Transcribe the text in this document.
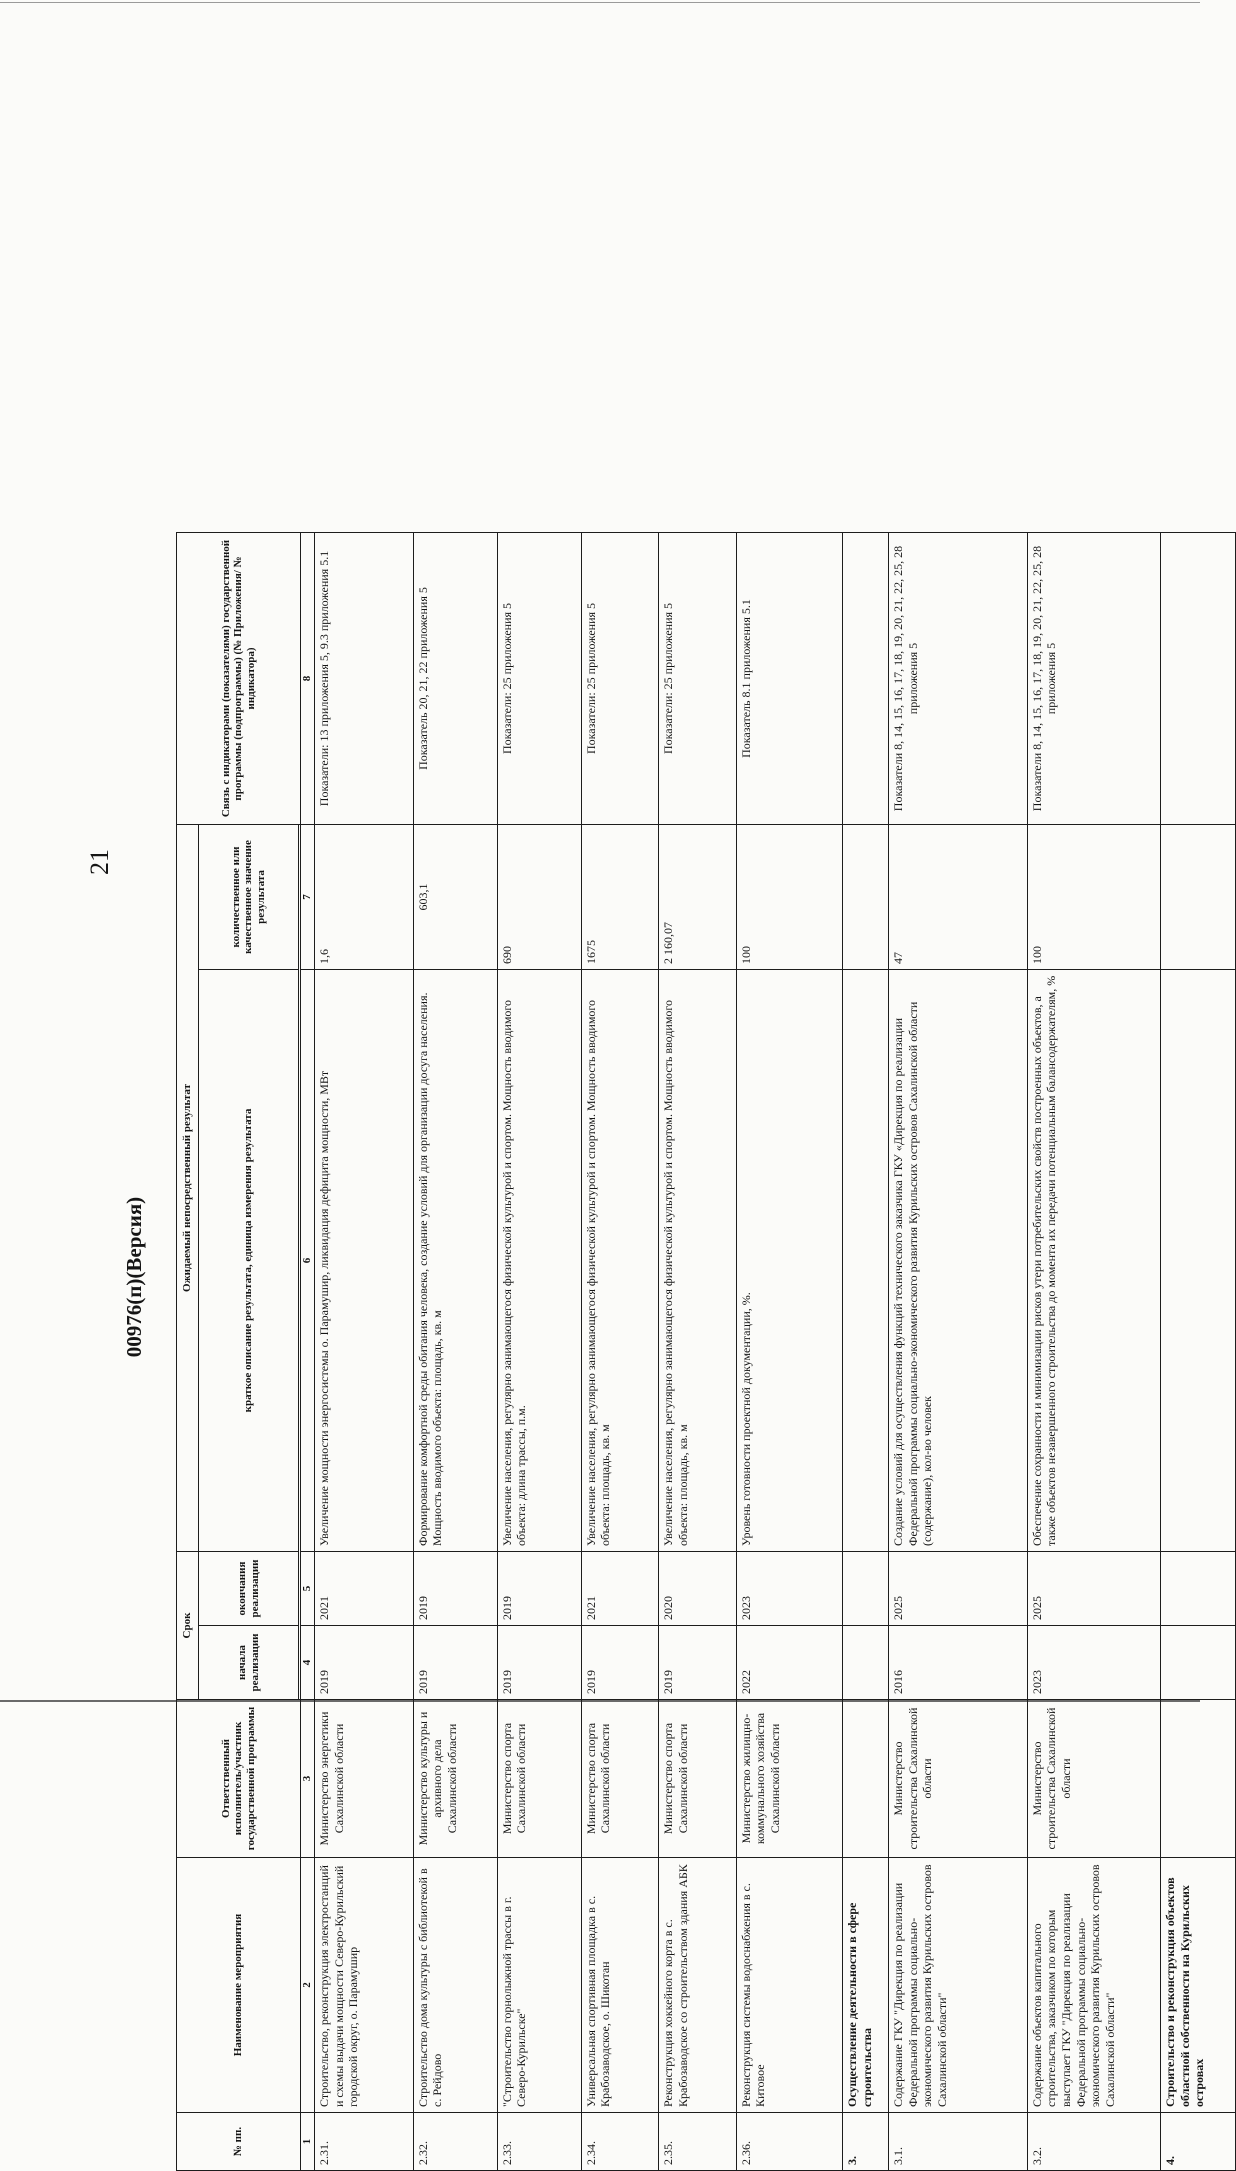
21
00976(п)(Версия)
№ пп.	Наименование мероприятия	Ответственный исполнитель/участник государственной программы	Срок		Ожидаемый непосредственный результат		Связь с индикаторами (показателями) государственной программы (подпрограммы) (№ Приложения/ № индикатора)
			начала реализации	окончания реализации	краткое описание результата, единица измерения результата	количественное или качественное значение результата	

1	2	3	4	5	6	7	8
2.31.	Строительство, реконструкция электростанций и схемы выдачи мощности Северо-Курильский городской округ, о. Парамушир	Министерство энергетики Сахалинской области	2019	2021	Увеличение мощности энергосистемы о. Парамушир, ликвидация дефицита мощности, МВт	1,6	Показатели: 13 приложения 5, 9.3 приложения 5.1
2.32.	Строительство дома культуры с библиотекой в с. Рейдово	Министерство культуры и архивного дела Сахалинской области	2019	2019	Формирование комфортной среды обитания человека, создание условий для организации досуга населения. Мощность вводимого объекта: площадь, кв. м	603,1	Показатель 20, 21, 22 приложения 5
2.33.	"Строительство горнолыжной трассы в г. Северо-Курильске"	Министерство спорта Сахалинской области	2019	2019	Увеличение населения, регулярно занимающегося физической культурой и спортом. Мощность вводимого объекта: длина трассы, п.м.	690	Показатели: 25 приложения 5
2.34.	Универсальная спортивная площадка в с. Крабозаводское, о. Шикотан	Министерство спорта Сахалинской области	2019	2021	Увеличение населения, регулярно занимающегося физической культурой и спортом. Мощность вводимого объекта: площадь, кв. м	1675	Показатели: 25 приложения 5
2.35.	Реконструкция хоккейного корта в с. Крабозаводское со строительством здания АБК	Министерство спорта Сахалинской области	2019	2020	Увеличение населения, регулярно занимающегося физической культурой и спортом. Мощность вводимого объекта: площадь, кв. м	2 160,07	Показатели: 25 приложения 5
2.36.	Реконструкция системы водоснабжения в с. Китовое	Министерство жилищно-коммунального хозяйства Сахалинской области	2022	2023	Уровень готовности проектной документации, %.	100	Показатель 8.1 приложения 5.1
3.	Осуществление деятельности в сфере строительства						
3.1.	Содержание ГКУ "Дирекция по реализации Федеральной программы социально-экономического развития Курильских островов Сахалинской области"	Министерство строительства Сахалинской области	2016	2025	Создание условий для осуществления функций технического заказчика ГКУ «Дирекция по реализации Федеральной программы социально-экономического развития Курильских островов Сахалинской области (содержание), кол-во человек	47	Показатели 8, 14, 15, 16, 17, 18, 19, 20, 21, 22, 25, 28 приложения 5
3.2.	Содержание объектов капитального строительства, заказчиком по которым выступает ГКУ "Дирекция по реализации Федеральной программы социально-экономического развития Курильских островов Сахалинской области"	Министерство строительства Сахалинской области	2023	2025	Обеспечение сохранности и минимизации рисков утери потребительских свойств построенных объектов, а также объектов незавершенного строительства до момента их передачи потенциальным балансодержателям, %	100	Показатели 8, 14, 15, 16, 17, 18, 19, 20, 21, 22, 25, 28 приложения 5
4.	Строительство и реконструкция объектов областной собственности на Курильских островах						
